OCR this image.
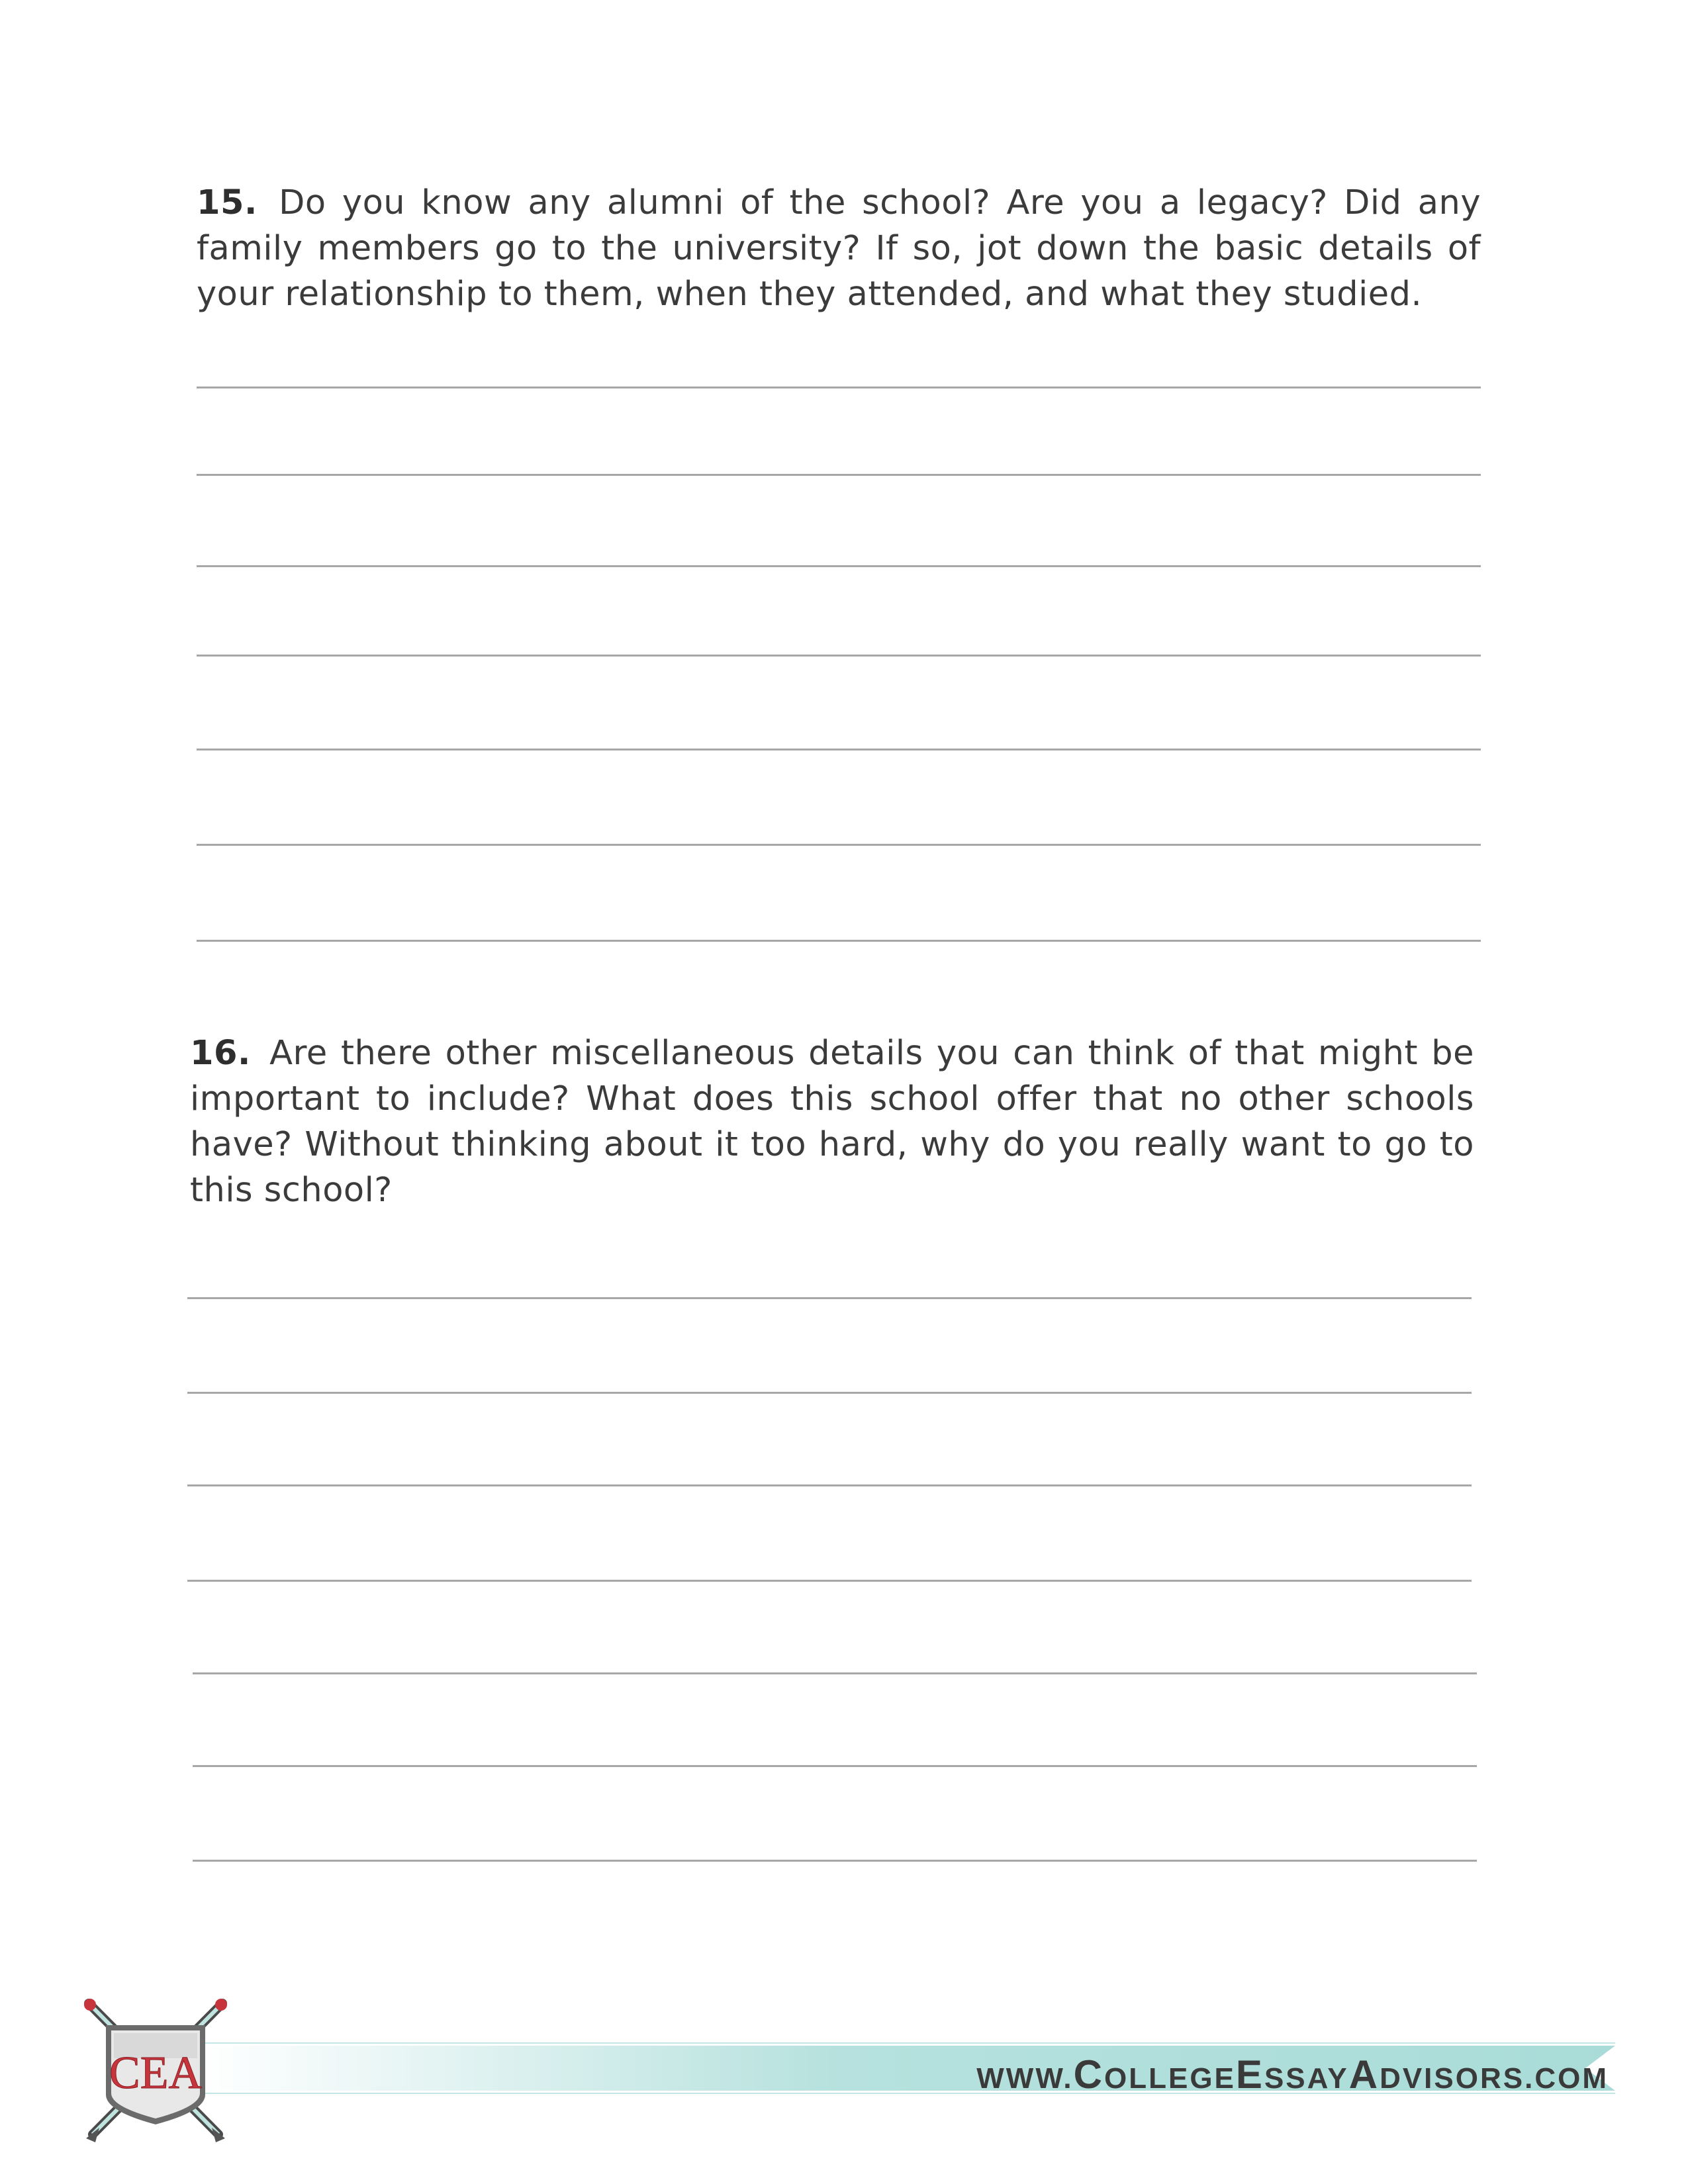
15. Do you know any alumni of the school? Are you a legacy? Did any family members go to the university? If so, jot down the basic details of your relationship to them, when they attended, and what they studied.
16. Are there other miscellaneous details you can think of that might be important to include? What does this school offer that no other schools have? Without thinking about it too hard, why do you really want to go to this school?
WWW.COLLEGEESSAYADVISORS.COM
CEA
